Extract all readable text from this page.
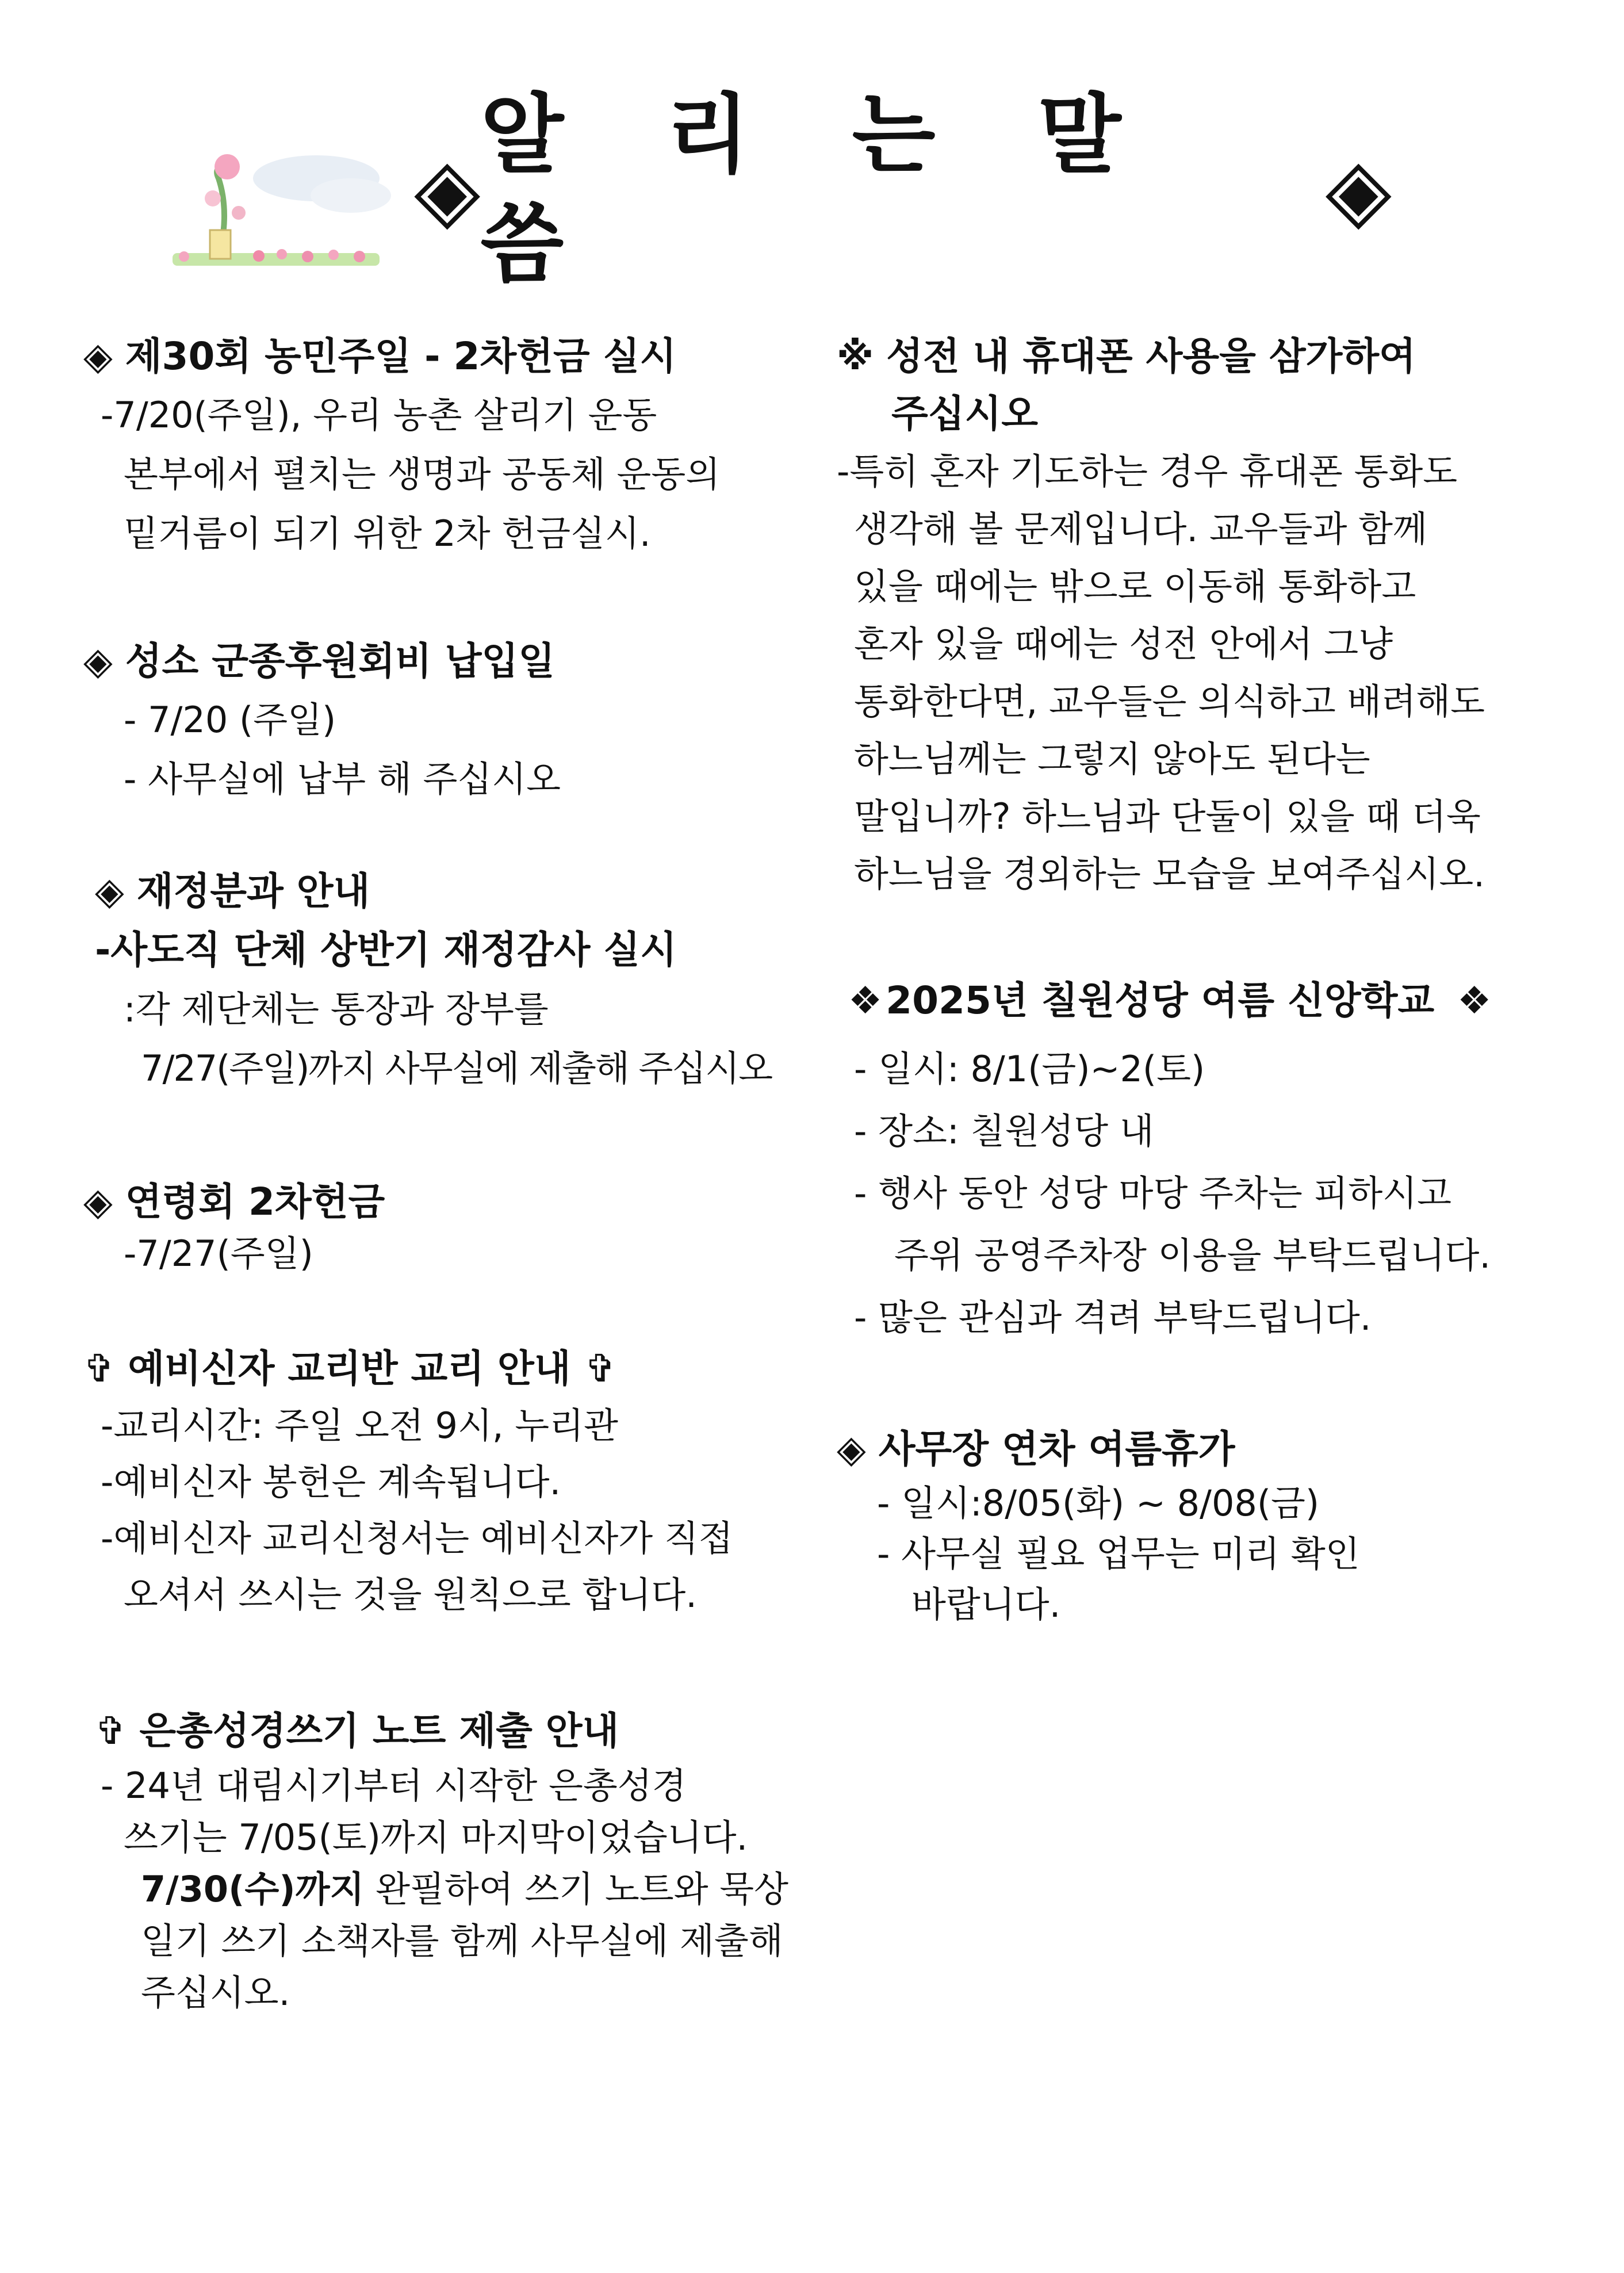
◈
알 리 는 말 씀
◈
◈ 제30회 농민주일 - 2차헌금 실시
-7/20(주일), 우리 농촌 살리기 운동
본부에서 펼치는 생명과 공동체 운동의
밑거름이 되기 위한 2차 헌금실시.
◈ 성소 군종후원회비 납입일
- 7/20 (주일)
- 사무실에 납부 해 주십시오
◈ 재정분과 안내
-사도직 단체 상반기 재정감사 실시
:각 제단체는 통장과 장부를
7/27(주일)까지 사무실에 제출해 주십시오
◈ 연령회 2차헌금
-7/27(주일)
✞ 예비신자 교리반 교리 안내 ✞
-교리시간: 주일 오전 9시, 누리관
-예비신자 봉헌은 계속됩니다.
-예비신자 교리신청서는 예비신자가 직접
오셔서 쓰시는 것을 원칙으로 합니다.
✞ 은총성경쓰기 노트 제출 안내
- 24년 대림시기부터 시작한 은총성경
쓰기는 7/05(토)까지 마지막이었습니다.
7/30(수)까지 완필하여 쓰기 노트와 묵상
일기 쓰기 소책자를 함께 사무실에 제출해
주십시오.
※ 성전 내 휴대폰 사용을 삼가하여
주십시오
-특히 혼자 기도하는 경우 휴대폰 통화도
생각해 볼 문제입니다. 교우들과 함께
있을 때에는 밖으로 이동해 통화하고
혼자 있을 때에는 성전 안에서 그냥
통화한다면, 교우들은 의식하고 배려해도
하느님께는 그렇지 않아도 된다는
말입니까? 하느님과 단둘이 있을 때 더욱
하느님을 경외하는 모습을 보여주십시오.
❖2025년 칠원성당 여름 신앙학교 ❖
- 일시: 8/1(금)~2(토)
- 장소: 칠원성당 내
- 행사 동안 성당 마당 주차는 피하시고
주위 공영주차장 이용을 부탁드립니다.
- 많은 관심과 격려 부탁드립니다.
◈ 사무장 연차 여름휴가
- 일시:8/05(화) ~ 8/08(금)
- 사무실 필요 업무는 미리 확인
바랍니다.
